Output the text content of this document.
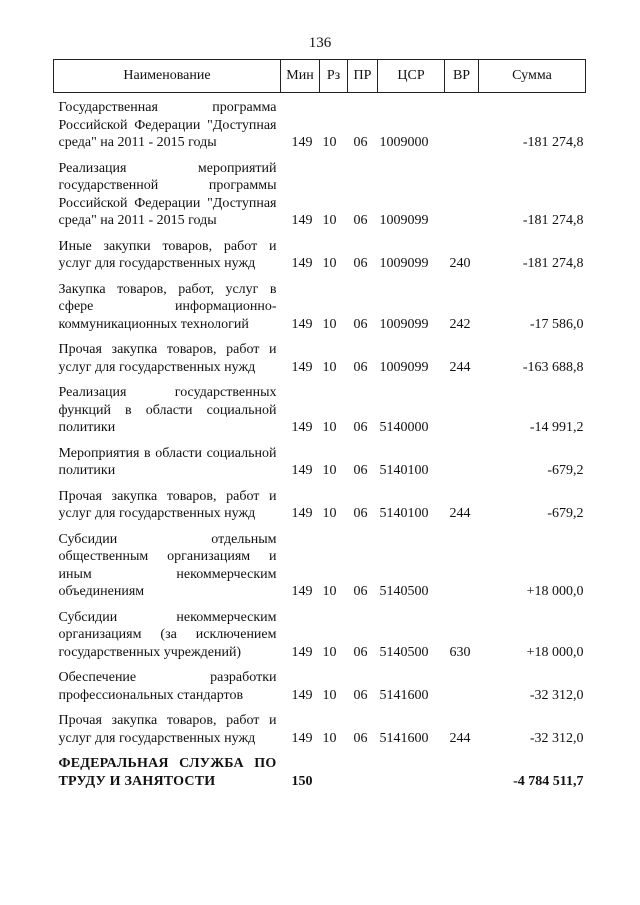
136
Наименование	Мин	Рз	ПР	ЦСР	ВР	Сумма
Государственная программа Российской Федерации "Доступная среда" на 2011 - 2015 годы	149	10	06	1009000		-181 274,8
Реализация мероприятий государственной программы Российской Федерации "Доступная среда" на 2011 - 2015 годы	149	10	06	1009099		-181 274,8
Иные закупки товаров, работ и услуг для государственных нужд	149	10	06	1009099	240	-181 274,8
Закупка товаров, работ, услуг в сфере информационно-коммуникационных технологий	149	10	06	1009099	242	-17 586,0
Прочая закупка товаров, работ и услуг для государственных нужд	149	10	06	1009099	244	-163 688,8
Реализация государственных функций в области социальной политики	149	10	06	5140000		-14 991,2
Мероприятия в области социальной политики	149	10	06	5140100		-679,2
Прочая закупка товаров, работ и услуг для государственных нужд	149	10	06	5140100	244	-679,2
Субсидии отдельным общественным организациям и иным некоммерческим объединениям	149	10	06	5140500		+18 000,0
Субсидии некоммерческим организациям (за исключением государственных учреждений)	149	10	06	5140500	630	+18 000,0
Обеспечение разработки профессиональных стандартов	149	10	06	5141600		-32 312,0
Прочая закупка товаров, работ и услуг для государственных нужд	149	10	06	5141600	244	-32 312,0
ФЕДЕРАЛЬНАЯ СЛУЖБА ПО ТРУДУ И ЗАНЯТОСТИ	150					-4 784 511,7
